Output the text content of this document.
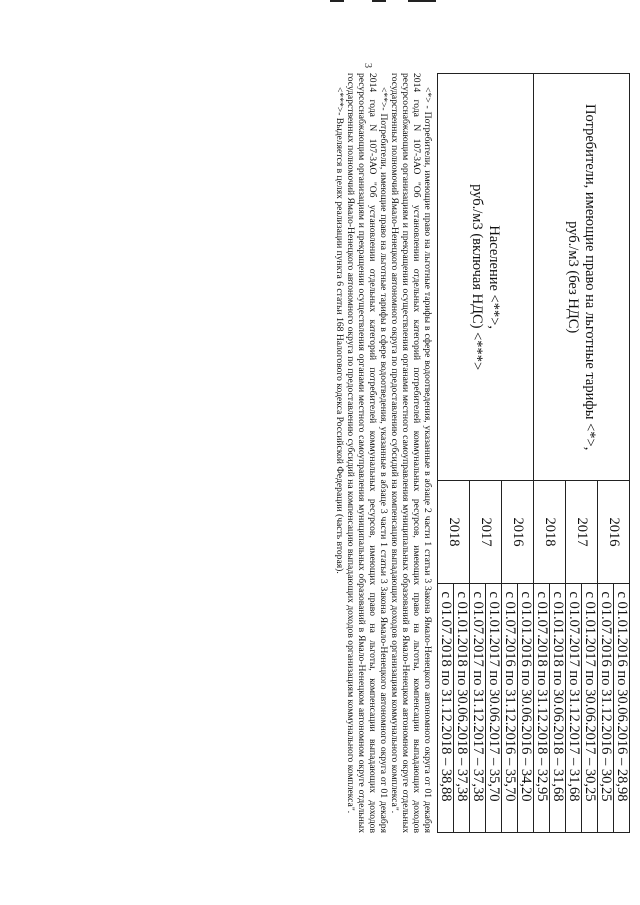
3
Потребители, имеющие право на льготные тарифы <*>,
руб./м3 (без НДС)	2016	с 01.01.2016 по 30.06.2016 – 28,98
		с 01.07.2016 по 31.12.2016 – 30,25
	2017	с 01.01.2017 по 30.06.2017 – 30,25
		с 01.07.2017 по 31.12.2017 – 31,68
	2018	с 01.01.2018 по 30.06.2018 – 31,68
		с 01.07.2018 по 31.12.2018 – 32,95

Население <**>,
руб./м3 (включая НДС) <***>	2016	с 01.01.2016 по 30.06.2016 – 34,20
		с 01.07.2016 по 31.12.2016 – 35,70
	2017	с 01.01.2017 по 30.06.2017 – 35,70
		с 01.07.2017 по 31.12.2017 – 37,38
	2018	с 01.01.2018 по 30.06.2018 – 37,38
		с 01.07.2018 по 31.12.2018 – 38,88

<*> - Потребители, имеющие право на льготные тарифы в сфере водоотведения, указанные в абзаце 2 части 1 статьи 3 Закона Ямало-Ненецкого автономного округа от 01 декабря 2014 года N 107-ЗАО "Об установлении отдельных категорий потребителей коммунальных ресурсов, имеющих право на льготы, компенсации выпадающих доходов ресурсоснабжающим организациям и прекращении осуществления органами местного самоуправления муниципальных образований в Ямало-Ненецком автономном округе отдельных государственных полномочий Ямало-Ненецкого автономного округа по предоставлению субсидий на компенсацию выпадающих доходов организациям коммунального комплекса".

<**>- Потребители, имеющие право на льготные тарифы в сфере водоотведения, указанные в абзаце 3 части 1 статьи 3 Закона Ямало-Ненецкого автономного округа от 01 декабря 2014 года N 107-ЗАО "Об установлении отдельных категорий потребителей коммунальных ресурсов, имеющих право на льготы, компенсации выпадающих доходов ресурсоснабжающим организациям и прекращении осуществления органами местного самоуправления муниципальных образований в Ямало-Ненецком автономном округе отдельных государственных полномочий Ямало-Ненецкого автономного округа по предоставлению субсидий на компенсацию выпадающих доходов организациям коммунального комплекса".

<***>- Выделяется в целях реализации пункта 6 статьи 168 Налогового кодекса Российской Федерации (часть вторая).
